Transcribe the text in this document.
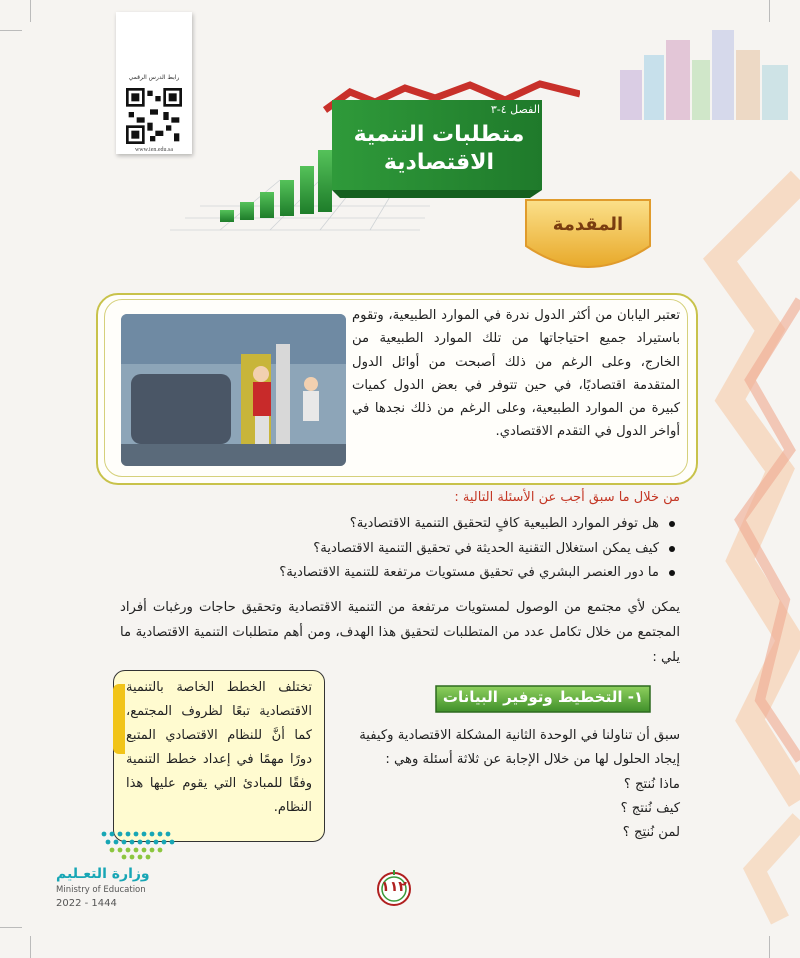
رابط الدرس الرقمي
www.ien.edu.sa
الفصل ٤-٣
متطلبات التنمية
الاقتصادية
المقدمة
تعتبر اليابان من أكثر الدول ندرة في الموارد الطبيعية، وتقوم باستيراد جميع احتياجاتها من تلك الموارد الطبيعية من الخارج، وعلى الرغم من ذلك أصبحت من أوائل الدول المتقدمة اقتصاديًا، في حين تتوفر في بعض الدول كميات كبيرة من الموارد الطبيعية، وعلى الرغم من ذلك نجدها في أواخر الدول في التقدم الاقتصادي.
من خلال ما سبق أجب عن الأسئلة التالية :
هل توفر الموارد الطبيعية كافٍ لتحقيق التنمية الاقتصادية؟
كيف يمكن استغلال التقنية الحديثة في تحقيق التنمية الاقتصادية؟
ما دور العنصر البشري في تحقيق مستويات مرتفعة للتنمية الاقتصادية؟
يمكن لأي مجتمع من الوصول لمستويات مرتفعة من التنمية الاقتصادية وتحقيق حاجات ورغبات أفراد المجتمع من خلال تكامل عدد من المتطلبات لتحقيق هذا الهدف، ومن أهم متطلبات التنمية الاقتصادية ما يلي :
١- التخطيط وتوفير البيانات
سبق أن تناولنا في الوحدة الثانية المشكلة الاقتصادية وكيفية
إيجاد الحلول لها من خلال الإجابة عن ثلاثة أسئلة وهي :
ماذا نُنتج ؟
كيف نُنتج ؟
لمن نُنتِج ؟
تختلف الخطط الخاصة بالتنمية الاقتصادية تبعًا لظروف المجتمع، كما أنَّ للنظام الاقتصادي المتبع دورًا مهمًا في إعداد خطط التنمية وفقًا للمبادئ التي يقوم عليها هذا النظام.
وزارة التعـليم
Ministry of Education
2022 - 1444
١١٢
